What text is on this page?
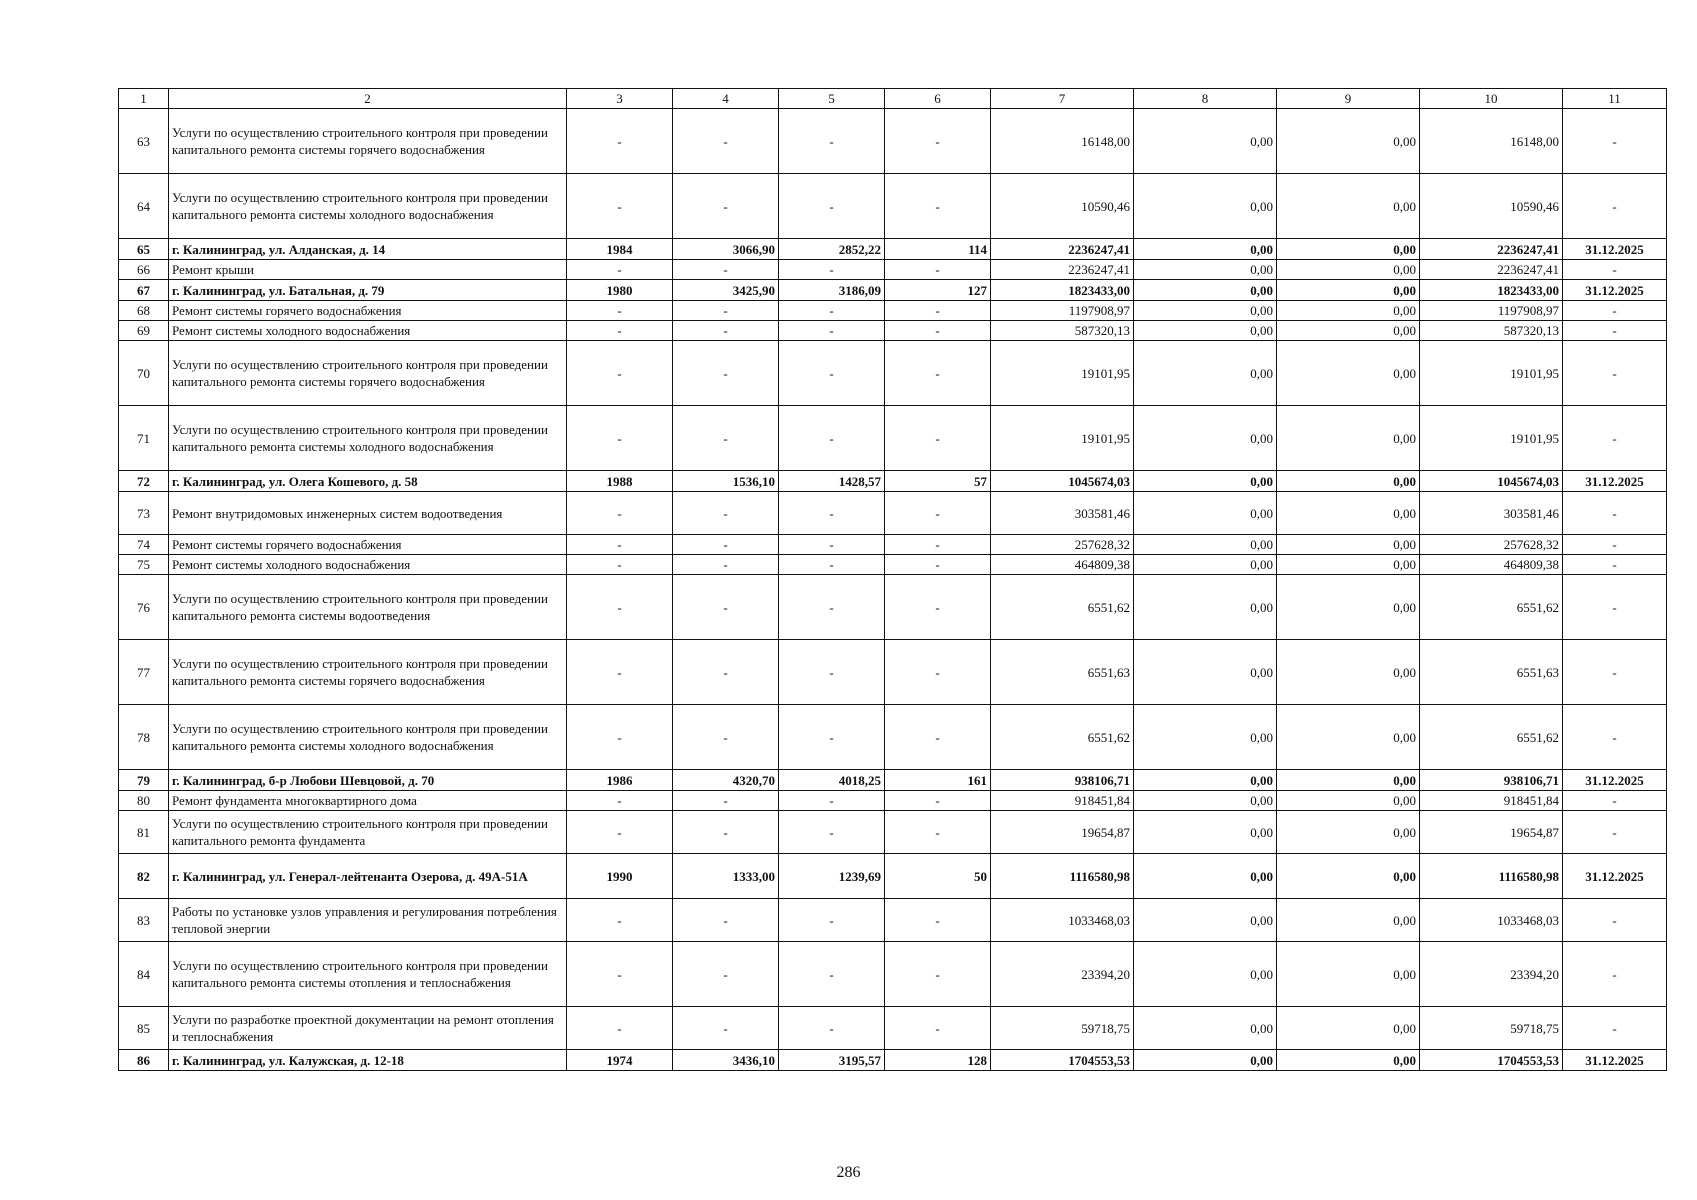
1	2	3	4	5	6	7	8	9	10	11
63	Услуги по осуществлению строительного контроля при проведении капитального ремонта системы горячего водоснабжения	-	-	-	-	16148,00	0,00	0,00	16148,00	-
64	Услуги по осуществлению строительного контроля при проведении капитального ремонта системы холодного водоснабжения	-	-	-	-	10590,46	0,00	0,00	10590,46	-
65	г. Калининград, ул. Алданская, д. 14	1984	3066,90	2852,22	114	2236247,41	0,00	0,00	2236247,41	31.12.2025
66	Ремонт крыши	-	-	-	-	2236247,41	0,00	0,00	2236247,41	-
67	г. Калининград, ул. Батальная, д. 79	1980	3425,90	3186,09	127	1823433,00	0,00	0,00	1823433,00	31.12.2025
68	Ремонт системы горячего водоснабжения	-	-	-	-	1197908,97	0,00	0,00	1197908,97	-
69	Ремонт системы холодного водоснабжения	-	-	-	-	587320,13	0,00	0,00	587320,13	-
70	Услуги по осуществлению строительного контроля при проведении капитального ремонта системы горячего водоснабжения	-	-	-	-	19101,95	0,00	0,00	19101,95	-
71	Услуги по осуществлению строительного контроля при проведении капитального ремонта системы холодного водоснабжения	-	-	-	-	19101,95	0,00	0,00	19101,95	-
72	г. Калининград, ул. Олега Кошевого, д. 58	1988	1536,10	1428,57	57	1045674,03	0,00	0,00	1045674,03	31.12.2025
73	Ремонт внутридомовых инженерных систем водоотведения	-	-	-	-	303581,46	0,00	0,00	303581,46	-
74	Ремонт системы горячего водоснабжения	-	-	-	-	257628,32	0,00	0,00	257628,32	-
75	Ремонт системы холодного водоснабжения	-	-	-	-	464809,38	0,00	0,00	464809,38	-
76	Услуги по осуществлению строительного контроля при проведении капитального ремонта системы водоотведения	-	-	-	-	6551,62	0,00	0,00	6551,62	-
77	Услуги по осуществлению строительного контроля при проведении капитального ремонта системы горячего водоснабжения	-	-	-	-	6551,63	0,00	0,00	6551,63	-
78	Услуги по осуществлению строительного контроля при проведении капитального ремонта системы холодного водоснабжения	-	-	-	-	6551,62	0,00	0,00	6551,62	-
79	г. Калининград, б-р Любови Шевцовой, д. 70	1986	4320,70	4018,25	161	938106,71	0,00	0,00	938106,71	31.12.2025
80	Ремонт фундамента многоквартирного дома	-	-	-	-	918451,84	0,00	0,00	918451,84	-
81	Услуги по осуществлению строительного контроля при проведении капитального ремонта фундамента	-	-	-	-	19654,87	0,00	0,00	19654,87	-
82	г. Калининград, ул. Генерал-лейтенанта Озерова, д. 49А-51А	1990	1333,00	1239,69	50	1116580,98	0,00	0,00	1116580,98	31.12.2025
83	Работы по установке узлов управления и регулирования потребления тепловой энергии	-	-	-	-	1033468,03	0,00	0,00	1033468,03	-
84	Услуги по осуществлению строительного контроля при проведении капитального ремонта системы отопления и теплоснабжения	-	-	-	-	23394,20	0,00	0,00	23394,20	-
85	Услуги по разработке проектной документации на ремонт отопления и теплоснабжения	-	-	-	-	59718,75	0,00	0,00	59718,75	-
86	г. Калининград, ул. Калужская, д. 12-18	1974	3436,10	3195,57	128	1704553,53	0,00	0,00	1704553,53	31.12.2025
286
